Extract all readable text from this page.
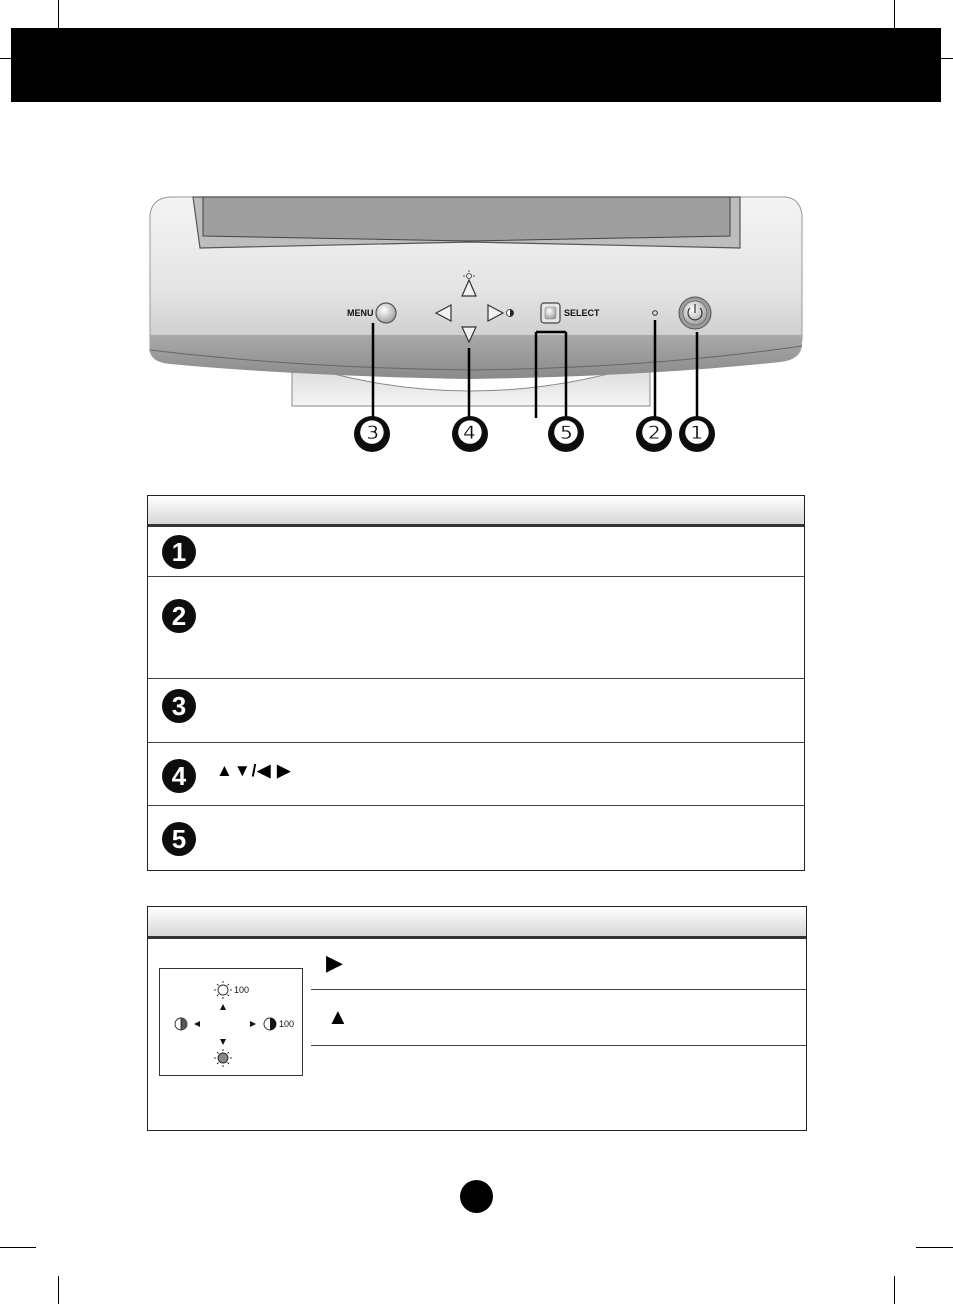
MENU	SELECT
❸ ❹ ❺ ❷ ❶
1
2
3
4	▲▼/◀ ▶
5
100
100
▶
▲
